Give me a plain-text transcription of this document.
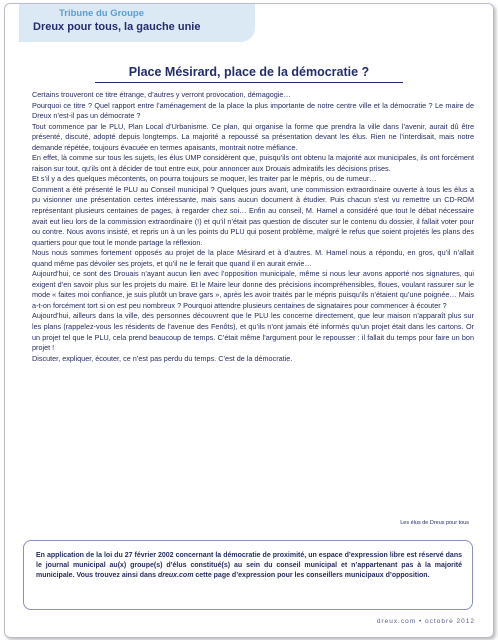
Tribune du Groupe
Dreux pour tous, la gauche unie
Place Mésirard, place de la démocratie ?

Certains trouveront ce titre étrange, d’autres y verront provocation, démagogie…

Pourquoi ce titre ? Quel rapport entre l’aménagement de la place la plus importante de notre centre ville et la démocratie ? Le maire de Dreux n’est-il pas un démocrate ?

Tout commence par le PLU, Plan Local d’Urbanisme. Ce plan, qui organise la forme que prendra la ville dans l’avenir, aurait dû être présenté, discuté, adopté depuis longtemps. La majorité a repoussé sa présentation devant les élus. Rien ne l’interdisait, mais notre demande répétée, toujours évacuée en termes apaisants, montrait notre méfiance.

En effet, là comme sur tous les sujets, les élus UMP considèrent que, puisqu’ils ont obtenu la majorité aux municipales, ils ont forcément raison sur tout, qu’ils ont à décider de tout entre eux, pour annoncer aux Drouais admiratifs les décisions prises.

Et s’il y a des quelques mécontents, on pourra toujours se moquer, les traiter par le mépris, ou de rumeur…

Comment a été présenté le PLU au Conseil municipal ? Quelques jours avant, une commission extraordinaire ouverte à tous les élus a pu visionner une présentation certes intéressante, mais sans aucun document à étudier. Puis chacun s’est vu remettre un CD-ROM représentant plusieurs centaines de pages, à regarder chez soi… Enfin au conseil, M. Hamel a considéré que tout le débat nécessaire avait eut lieu lors de la commission extraordinaire (!) et qu’il n’était pas question de discuter sur le contenu du dossier, il fallait voter pour ou contre. Nous avons insisté, et repris un à un les points du PLU qui posent problème, malgré le refus que soient projetés les plans des quartiers pour que tout le monde partage la réflexion.

Nous nous sommes fortement opposés au projet de la place Mésirard et à d’autres. M. Hamel nous a répondu, en gros, qu’il n’allait quand même pas dévoiler ses projets, et qu’il ne le ferait que quand il en aurait envie…

Aujourd’hui, ce sont des Drouais n’ayant aucun lien avec l’opposition municipale, même si nous leur avons apporté nos signatures, qui exigent d’en savoir plus sur les projets du maire. Et le Maire leur donne des précisions incompréhensibles, floues, voulant rassurer sur le mode « faites moi confiance, je suis plutôt un brave gars », après les avoir traités par le mépris puisqu’ils n’étaient qu’une poignée… Mais a-t-on forcément tort si on est peu nombreux ? Pourquoi attendre plusieurs centaines de signataires pour commencer à écouter ?

Aujourd’hui, ailleurs dans la ville, des personnes découvrent que le PLU les concerne directement, que leur maison n’apparaît plus sur les plans (rappelez-vous les résidents de l’avenue des Fenôts), et qu’ils n’ont jamais été informés qu’un projet était dans les cartons. Or un projet tel que le PLU, cela prend beaucoup de temps. C’était même l’argument pour le repousser : il fallait du temps pour faire un bon projet !

Discuter, expliquer, écouter, ce n’est pas perdu du temps. C’est de la démocratie.

Les élus de Dreux pour tous

En application de la loi du 27 février 2002 concernant la démocratie de proximité, un espace d’expression libre est réservé dans le journal municipal au(x) groupe(s) d’élus constitué(s) au sein du conseil municipal et n’appartenant pas à la majorité municipale. Vous trouvez ainsi dans dreux.com cette page d’expression pour les conseillers municipaux d’opposition.

dreux.com • octobre 2012
